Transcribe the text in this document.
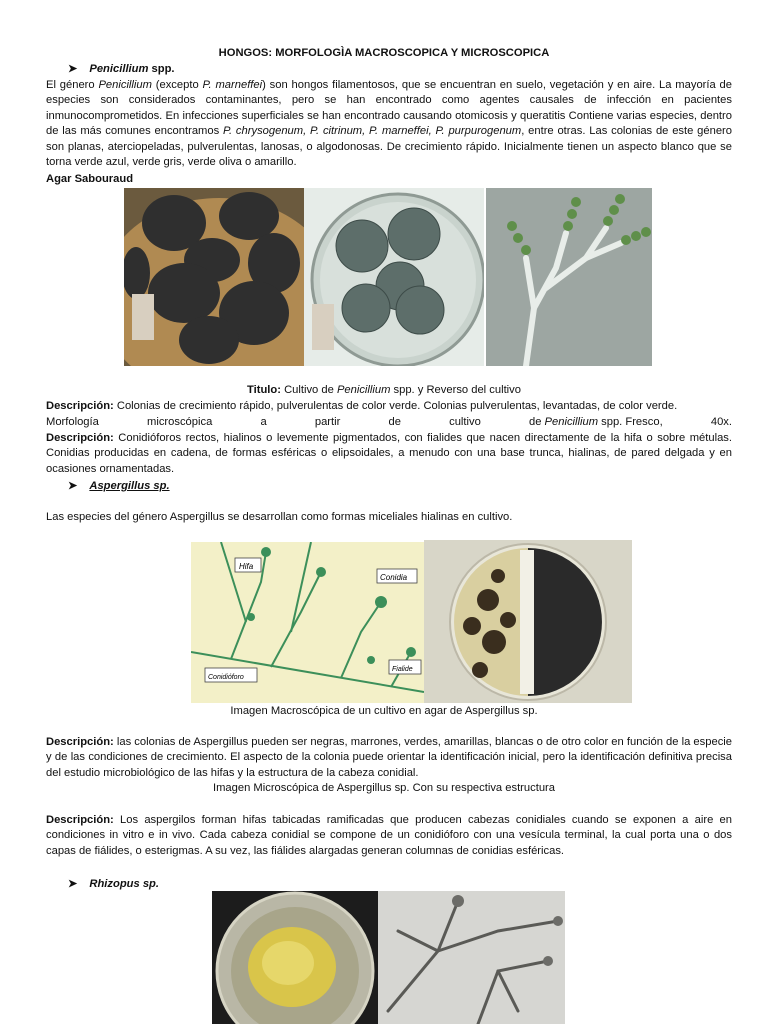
HONGOS: MORFOLOGÌA MACROSCOPICA Y MICROSCOPICA
➤ Penicillium spp.
El género Penicillium (excepto P. marneffei) son hongos filamentosos, que se encuentran en suelo, vegetación y en aire. La mayoría de especies son considerados contaminantes, pero se han encontrado como agentes causales de infección en pacientes inmunocomprometidos. En infecciones superficiales se han encontrado causando otomicosis y queratitis Contiene varias especies, dentro de las más comunes encontramos P. chrysogenum, P. citrinum, P. marneffei, P. purpurogenum, entre otras. Las colonias de este género son planas, aterciopeladas, pulverulentas, lanosas, o algodonosas. De crecimiento rápido. Inicialmente tienen un aspecto blanco que se torna verde azul, verde gris, verde oliva o amarillo.
Agar Sabouraud
Titulo: Cultivo de Penicillium spp. y Reverso del cultivo
Descripción: Colonias de crecimiento rápido, pulverulentas de color verde. Colonias pulverulentas, levantadas, de color verde.
Morfología	microscópica	a	partir	de	cultivo	de Penicillium spp. Fresco,	40x.
Descripción: Conidióforos rectos, hialinos o levemente pigmentados, con fialides que nacen directamente de la hifa o sobre métulas. Conidias producidas en cadena, de formas esféricas o elipsoidales, a menudo con una base trunca, hialinas, de pared delgada y en ocasiones ornamentadas.
➤ Aspergillus sp.
Las especies del género Aspergillus se desarrollan como formas miceliales hialinas en cultivo.
Hifa
Conidia
Fialide
Conidióforo
Imagen Macroscópica de un cultivo en agar de Aspergillus sp.
Descripción: las colonias de Aspergillus pueden ser negras, marrones, verdes, amarillas, blancas o de otro color en función de la especie y de las condiciones de crecimiento. El aspecto de la colonia puede orientar la identificación inicial, pero la identificación definitiva precisa del estudio microbiológico de las hifas y la estructura de la cabeza conidial.
Imagen Microscópica de Aspergillus sp. Con su respectiva estructura
Descripción: Los aspergilos forman hifas tabicadas ramificadas que producen cabezas conidiales cuando se exponen a aire en condiciones in vitro e in vivo. Cada cabeza conidial se compone de un conidióforo con una vesícula terminal, la cual porta una o dos capas de fiálides, o esterigmas. A su vez, las fiálides alargadas generan columnas de conidias esféricas.
➤ Rhizopus sp.
